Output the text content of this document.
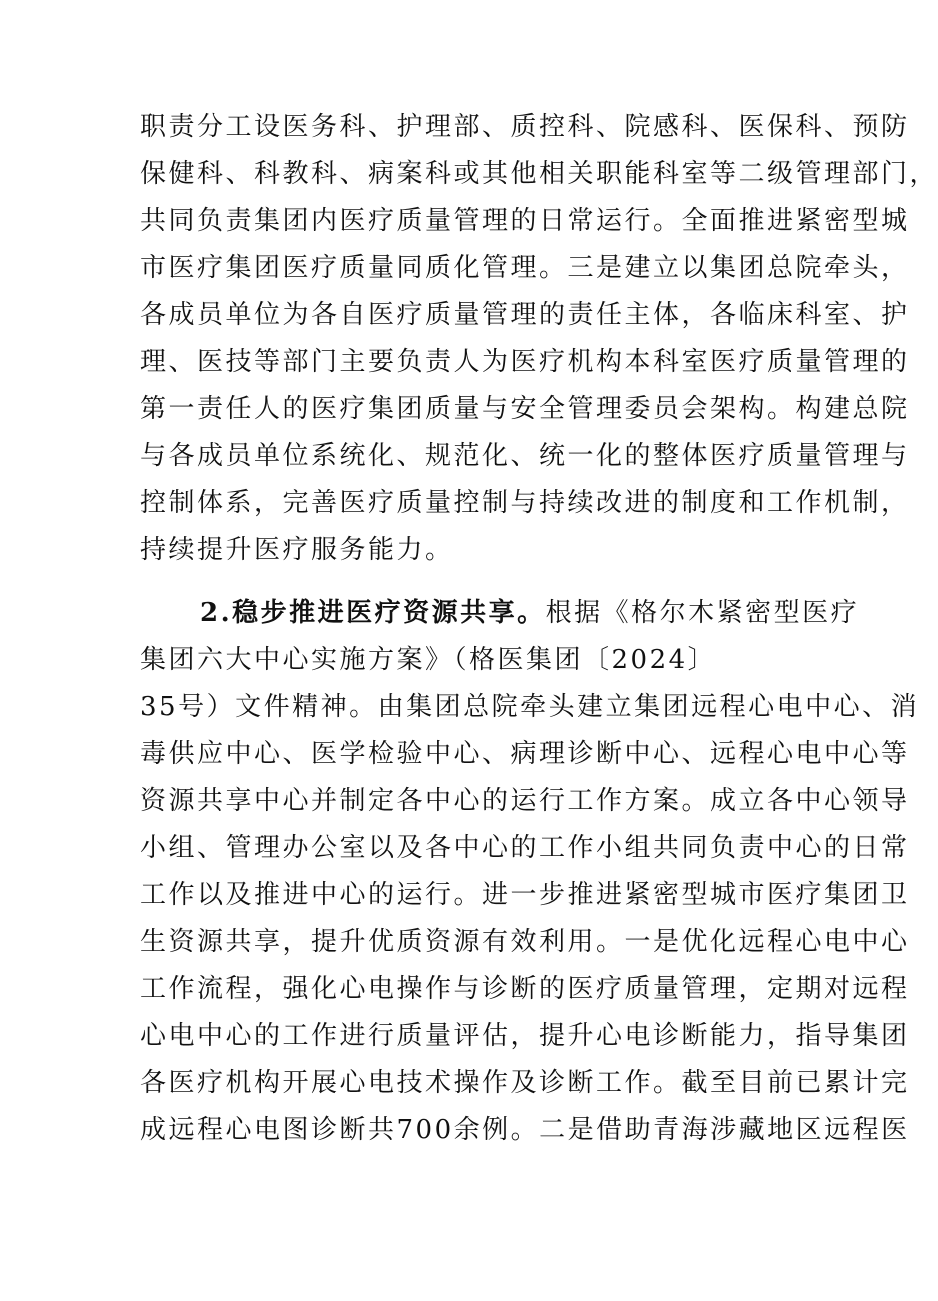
职责分工设医务科、护理部、质控科、院感科、医保科、预防
保健科、科教科、病案科或其他相关职能科室等二级管理部门，
共同负责集团内医疗质量管理的日常运行。全面推进紧密型城
市医疗集团医疗质量同质化管理。三是建立以集团总院牵头，
各成员单位为各自医疗质量管理的责任主体，各临床科室、护
理、医技等部门主要负责人为医疗机构本科室医疗质量管理的
第一责任人的医疗集团质量与安全管理委员会架构。构建总院
与各成员单位系统化、规范化、统一化的整体医疗质量管理与
控制体系，完善医疗质量控制与持续改进的制度和工作机制，
持续提升医疗服务能力。
2.稳步推进医疗资源共享。根据《格尔木紧密型医疗
集团六大中心实施方案》（格医集团〔2024〕
35号）文件精神。由集团总院牵头建立集团远程心电中心、消
毒供应中心、医学检验中心、病理诊断中心、远程心电中心等
资源共享中心并制定各中心的运行工作方案。成立各中心领导
小组、管理办公室以及各中心的工作小组共同负责中心的日常
工作以及推进中心的运行。进一步推进紧密型城市医疗集团卫
生资源共享，提升优质资源有效利用。一是优化远程心电中心
工作流程，强化心电操作与诊断的医疗质量管理，定期对远程
心电中心的工作进行质量评估，提升心电诊断能力，指导集团
各医疗机构开展心电技术操作及诊断工作。截至目前已累计完
成远程心电图诊断共700余例。二是借助青海涉藏地区远程医
